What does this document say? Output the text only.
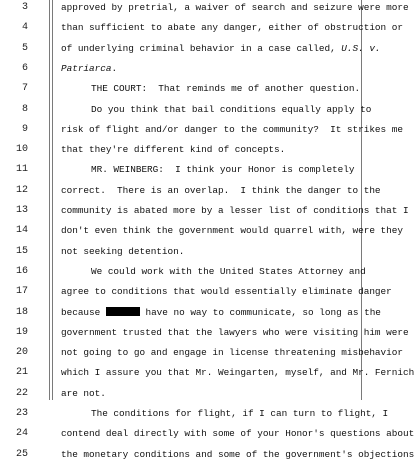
3	approved by pretrial, a waiver of search and seizure were more
4	than sufficient to abate any danger, either of obstruction or
5	of underlying criminal behavior in a case called, U.S. v.
6	Patriarca.
7	THE COURT:  That reminds me of another question.
8	Do you think that bail conditions equally apply to
9	risk of flight and/or danger to the community?  It strikes me
10	that they're different kind of concepts.
11	MR. WEINBERG:  I think your Honor is completely
12	correct.  There is an overlap.  I think the danger to the
13	community is abated more by a lesser list of conditions that I
14	don't even think the government would quarrel with, were they
15	not seeking detention.
16	We could work with the United States Attorney and
17	agree to conditions that would essentially eliminate danger
18	because	have no way to communicate, so long as the
19	government trusted that the lawyers who were visiting him were
20	not going to go and engage in license threatening misbehavior
21	which I assure you that Mr. Weingarten, myself, and Mr. Fernich
22	are not.
23	The conditions for flight, if I can turn to flight, I
24	contend deal directly with some of your Honor's questions about
25	the monetary conditions and some of the government's objections
